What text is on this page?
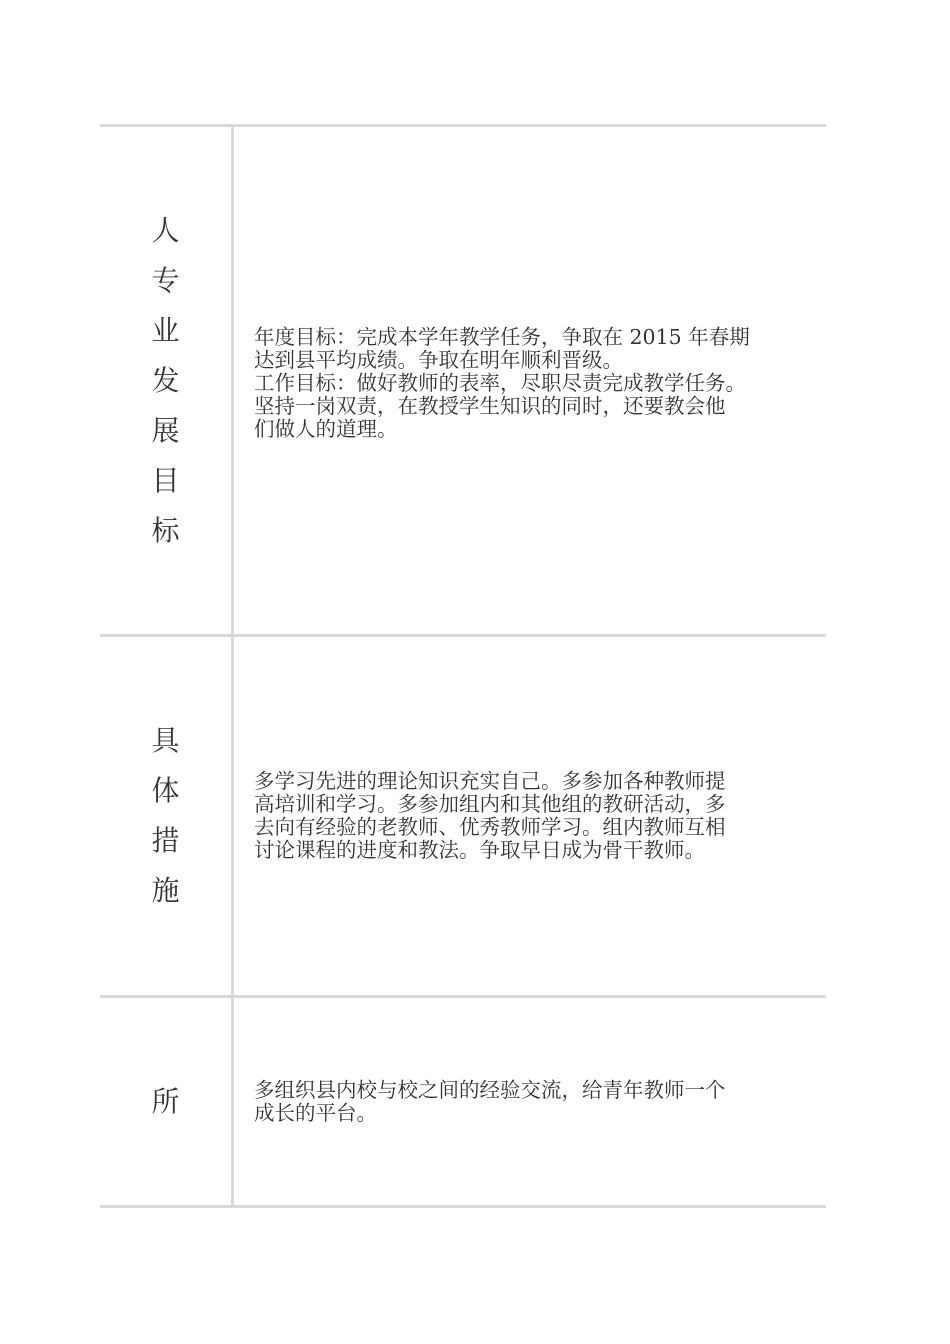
人
专
业
发
展
目
标
年度目标：完成本学年教学任务，争取在 2015 年春期
达到县平均成绩。争取在明年顺利晋级。
工作目标：做好教师的表率，尽职尽责完成教学任务。
坚持一岗双责，在教授学生知识的同时，还要教会他
们做人的道理。
具
体
措
施
多学习先进的理论知识充实自己。多参加各种教师提
高培训和学习。多参加组内和其他组的教研活动，多
去向有经验的老教师、优秀教师学习。组内教师互相
讨论课程的进度和教法。争取早日成为骨干教师。
所	多组织县内校与校之间的经验交流，给青年教师一个
成长的平台。
